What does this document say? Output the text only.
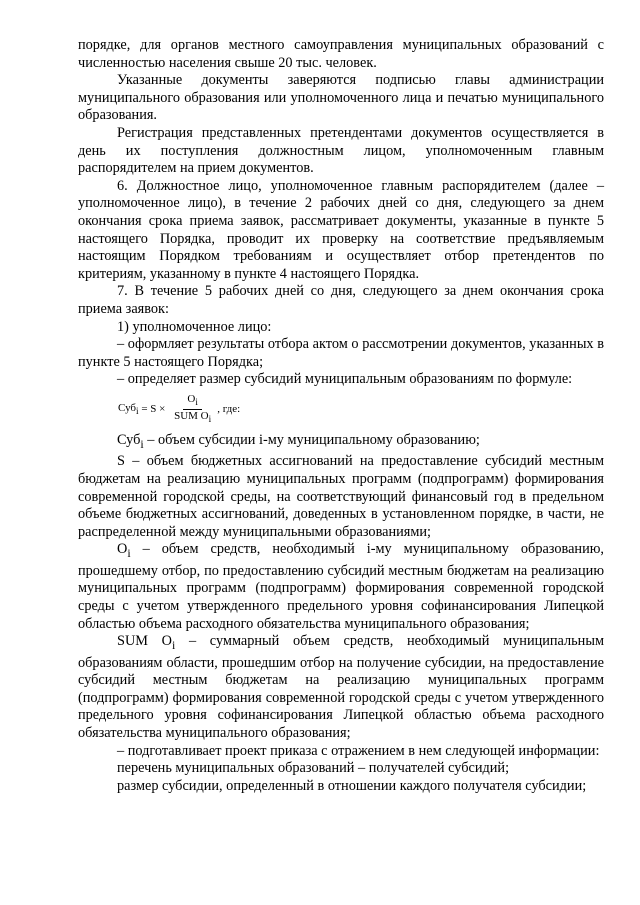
порядке, для органов местного самоуправления муниципальных образований с численностью населения свыше 20 тыс. человек.

Указанные документы заверяются подписью главы администрации муниципального образования или уполномоченного лица и печатью муниципального образования.

Регистрация представленных претендентами документов осуществляется в день их поступления должностным лицом, уполномоченным главным распорядителем на прием документов.

6. Должностное лицо, уполномоченное главным распорядителем (далее – уполномоченное лицо), в течение 2 рабочих дней со дня, следующего за днем окончания срока приема заявок, рассматривает документы, указанные в пункте 5 настоящего Порядка, проводит их проверку на соответствие предъявляемым настоящим Порядком требованиям и осуществляет отбор претендентов по критериям, указанному в пункте 4 настоящего Порядка.

7. В течение 5 рабочих дней со дня, следующего за днем окончания срока приема заявок:

1) уполномоченное лицо:

– оформляет результаты отбора актом о рассмотрении документов, указанных в пункте 5 настоящего Порядка;

– определяет размер субсидий муниципальным образованиям по формуле:

$Суб_i = S \times \frac{O_i}{SUM O_i}$ , где:

Суб$_i$ – объем субсидии i-му муниципальному образованию;

S – объем бюджетных ассигнований на предоставление субсидий местным бюджетам на реализацию муниципальных программ (подпрограмм) формирования современной городской среды, на соответствующий финансовый год в предельном объеме бюджетных ассигнований, доведенных в установленном порядке, в части, не распределенной между муниципальными образованиями;

$O_i$ – объем средств, необходимый i-му муниципальному образованию, прошедшему отбор, по предоставлению субсидий местным бюджетам на реализацию муниципальных программ (подпрограмм) формирования современной городской среды с учетом утвержденного предельного уровня софинансирования Липецкой областью объема расходного обязательства муниципального образования;

SUM $O_i$ – суммарный объем средств, необходимый муниципальным образованиям области, прошедшим отбор на получение субсидии, на предоставление субсидий местным бюджетам на реализацию муниципальных программ (подпрограмм) формирования современной городской среды с учетом утвержденного предельного уровня софинансирования Липецкой областью объема расходного обязательства муниципального образования;

– подготавливает проект приказа с отражением в нем следующей информации:

перечень муниципальных образований – получателей субсидий;

размер субсидии, определенный в отношении каждого получателя субсидии;
